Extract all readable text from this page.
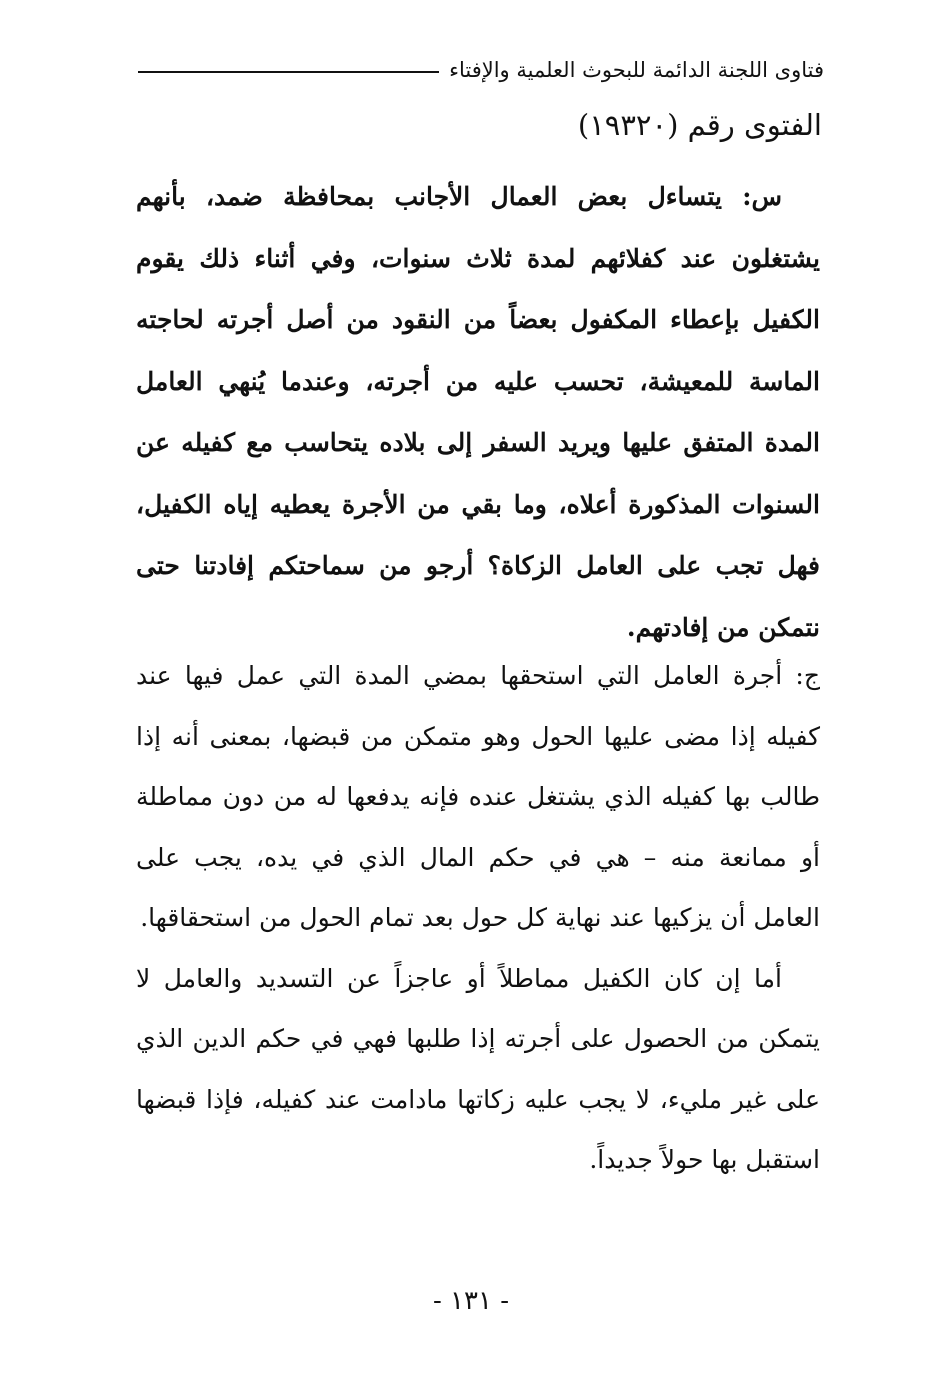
فتاوى اللجنة الدائمة للبحوث العلمية والإفتاء
الفتوى رقم (١٩٣٢٠)

س: يتساءل بعض العمال الأجانب بمحافظة ضمد، بأنهم يشتغلون عند كفلائهم لمدة ثلاث سنوات، وفي أثناء ذلك يقوم الكفيل بإعطاء المكفول بعضاً من النقود من أصل أجرته لحاجته الماسة للمعيشة، تحسب عليه من أجرته، وعندما يُنهي العامل المدة المتفق عليها ويريد السفر إلى بلاده يتحاسب مع كفيله عن السنوات المذكورة أعلاه، وما بقي من الأجرة يعطيه إياه الكفيل، فهل تجب على العامل الزكاة؟ أرجو من سماحتكم إفادتنا حتى نتمكن من إفادتهم.

ج: أجرة العامل التي استحقها بمضي المدة التي عمل فيها عند كفيله إذا مضى عليها الحول وهو متمكن من قبضها، بمعنى أنه إذا طالب بها كفيله الذي يشتغل عنده فإنه يدفعها له من دون مماطلة أو ممانعة منه – هي في حكم المال الذي في يده، يجب على العامل أن يزكيها عند نهاية كل حول بعد تمام الحول من استحقاقها.

أما إن كان الكفيل مماطلاً أو عاجزاً عن التسديد والعامل لا يتمكن من الحصول على أجرته إذا طلبها فهي في حكم الدين الذي على غير مليء، لا يجب عليه زكاتها مادامت عند كفيله، فإذا قبضها استقبل بها حولاً جديداً.

- ١٣١ -
